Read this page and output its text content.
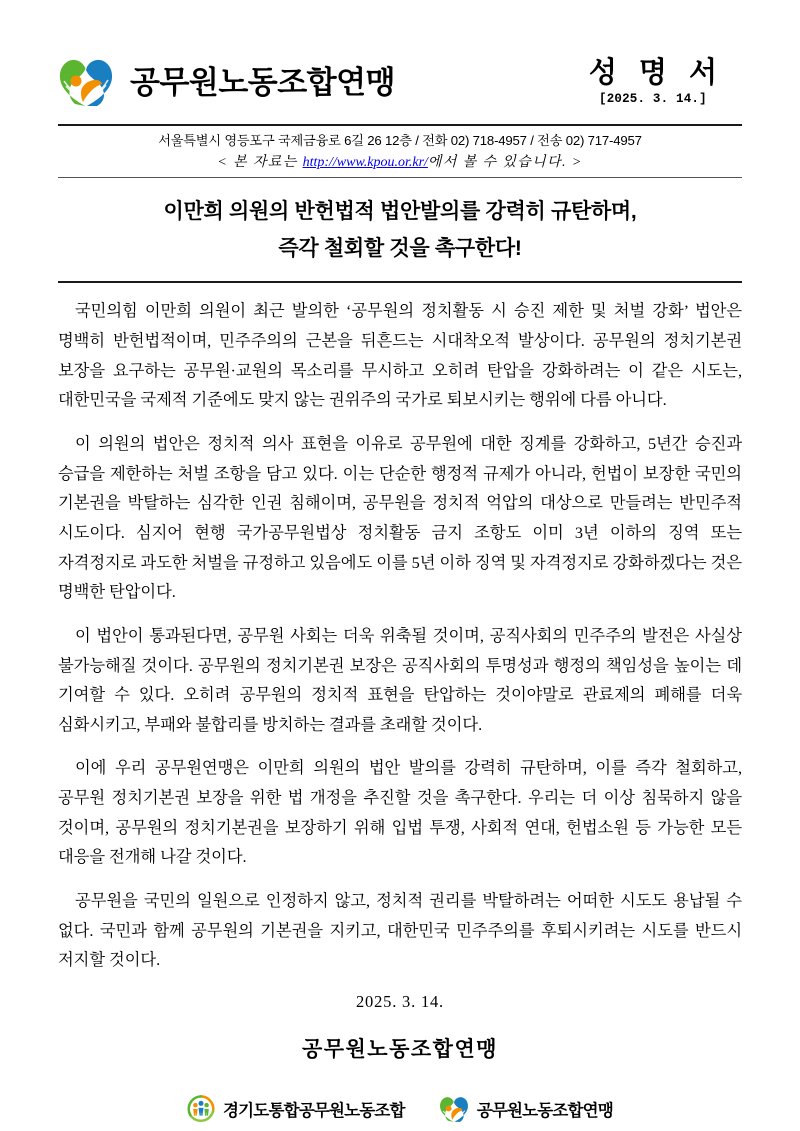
공무원노동조합연맹	성 명 서
[2025. 3. 14.]
서울특별시 영등포구 국제금융로 6길 26 12층 / 전화 02) 718-4957 / 전송 02) 717-4957
< 본 자료는 http://www.kpou.or.kr/에서 볼 수 있습니다. >
이만희 의원의 반헌법적 법안발의를 강력히 규탄하며,
즉각 철회할 것을 촉구한다!

국민의힘 이만희 의원이 최근 발의한 ‘공무원의 정치활동 시 승진 제한 및 처벌 강화’ 법안은 명백히 반헌법적이며, 민주주의의 근본을 뒤흔드는 시대착오적 발상이다. 공무원의 정치기본권 보장을 요구하는 공무원·교원의 목소리를 무시하고 오히려 탄압을 강화하려는 이 같은 시도는, 대한민국을 국제적 기준에도 맞지 않는 권위주의 국가로 퇴보시키는 행위에 다름 아니다.

이 의원의 법안은 정치적 의사 표현을 이유로 공무원에 대한 징계를 강화하고, 5년간 승진과 승급을 제한하는 처벌 조항을 담고 있다. 이는 단순한 행정적 규제가 아니라, 헌법이 보장한 국민의 기본권을 박탈하는 심각한 인권 침해이며, 공무원을 정치적 억압의 대상으로 만들려는 반민주적 시도이다. 심지어 현행 국가공무원법상 정치활동 금지 조항도 이미 3년 이하의 징역 또는 자격정지로 과도한 처벌을 규정하고 있음에도 이를 5년 이하 징역 및 자격정지로 강화하겠다는 것은 명백한 탄압이다.

이 법안이 통과된다면, 공무원 사회는 더욱 위축될 것이며, 공직사회의 민주주의 발전은 사실상 불가능해질 것이다. 공무원의 정치기본권 보장은 공직사회의 투명성과 행정의 책임성을 높이는 데 기여할 수 있다. 오히려 공무원의 정치적 표현을 탄압하는 것이야말로 관료제의 폐해를 더욱 심화시키고, 부패와 불합리를 방치하는 결과를 초래할 것이다.

이에 우리 공무원연맹은 이만희 의원의 법안 발의를 강력히 규탄하며, 이를 즉각 철회하고, 공무원 정치기본권 보장을 위한 법 개정을 추진할 것을 촉구한다. 우리는 더 이상 침묵하지 않을 것이며, 공무원의 정치기본권을 보장하기 위해 입법 투쟁, 사회적 연대, 헌법소원 등 가능한 모든 대응을 전개해 나갈 것이다.

공무원을 국민의 일원으로 인정하지 않고, 정치적 권리를 박탈하려는 어떠한 시도도 용납될 수 없다. 국민과 함께 공무원의 기본권을 지키고, 대한민국 민주주의를 후퇴시키려는 시도를 반드시 저지할 것이다.

2025. 3. 14.
공무원노동조합연맹
경기도통합공무원노동조합	공무원노동조합연맹
